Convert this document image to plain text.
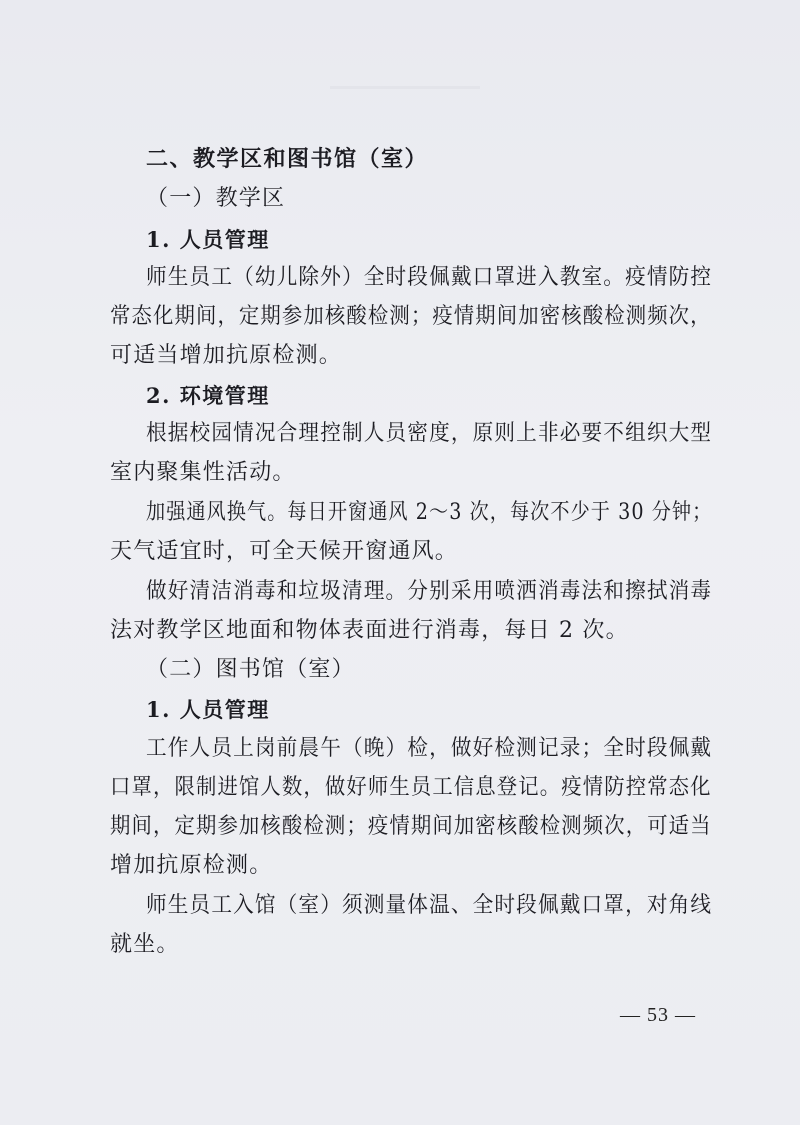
二、教学区和图书馆（室）
（一）教学区
1. 人员管理
师生员工（幼儿除外）全时段佩戴口罩进入教室。疫情防控
常态化期间，定期参加核酸检测；疫情期间加密核酸检测频次，
可适当增加抗原检测。
2. 环境管理
根据校园情况合理控制人员密度，原则上非必要不组织大型
室内聚集性活动。
加强通风换气。每日开窗通风 2～3 次，每次不少于 30 分钟；
天气适宜时，可全天候开窗通风。
做好清洁消毒和垃圾清理。分别采用喷洒消毒法和擦拭消毒
法对教学区地面和物体表面进行消毒，每日 2 次。
（二）图书馆（室）
1. 人员管理
工作人员上岗前晨午（晚）检，做好检测记录；全时段佩戴
口罩，限制进馆人数，做好师生员工信息登记。疫情防控常态化
期间，定期参加核酸检测；疫情期间加密核酸检测频次，可适当
增加抗原检测。
师生员工入馆（室）须测量体温、全时段佩戴口罩，对角线
就坐。
— 53 —
